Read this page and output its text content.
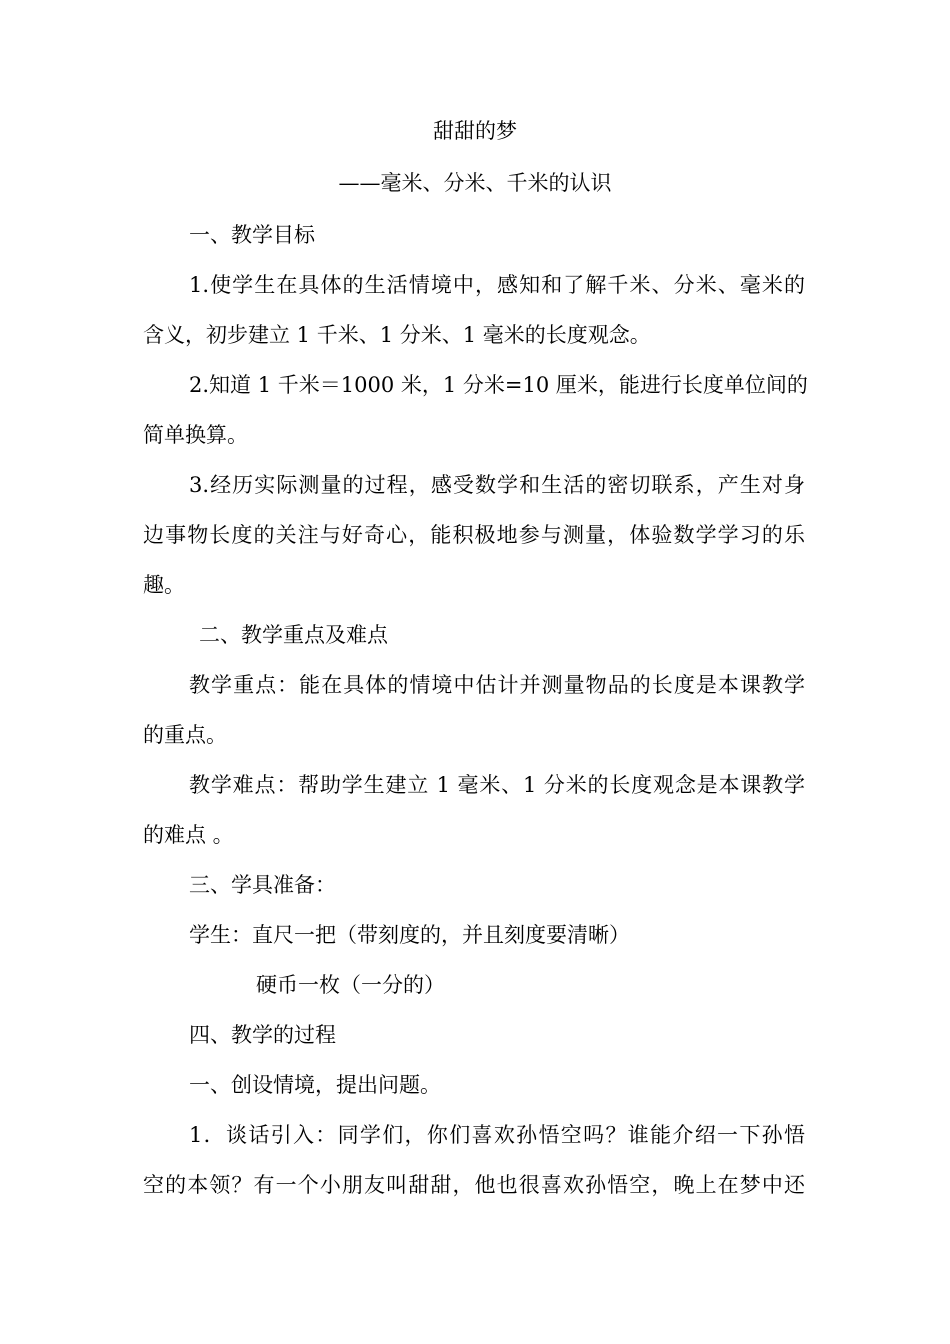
甜甜的梦
——毫米、分米、千米的认识
一、教学目标
1.使学生在具体的生活情境中，感知和了解千米、分米、毫米的
含义，初步建立 1 千米、1 分米、1 毫米的长度观念。
2.知道 1 千米＝1000 米，1 分米=10 厘米，能进行长度单位间的
简单换算。
3.经历实际测量的过程，感受数学和生活的密切联系，产生对身
边事物长度的关注与好奇心，能积极地参与测量，体验数学学习的乐
趣。
二、教学重点及难点
教学重点：能在具体的情境中估计并测量物品的长度是本课教学
的重点。
教学难点：帮助学生建立 1 毫米、1 分米的长度观念是本课教学
的难点 。
三、学具准备：
学生：直尺一把（带刻度的，并且刻度要清晰）
硬币一枚（一分的）
四、教学的过程
一、创设情境，提出问题。
1．谈话引入：同学们，你们喜欢孙悟空吗？谁能介绍一下孙悟
空的本领？有一个小朋友叫甜甜，他也很喜欢孙悟空，晚上在梦中还
